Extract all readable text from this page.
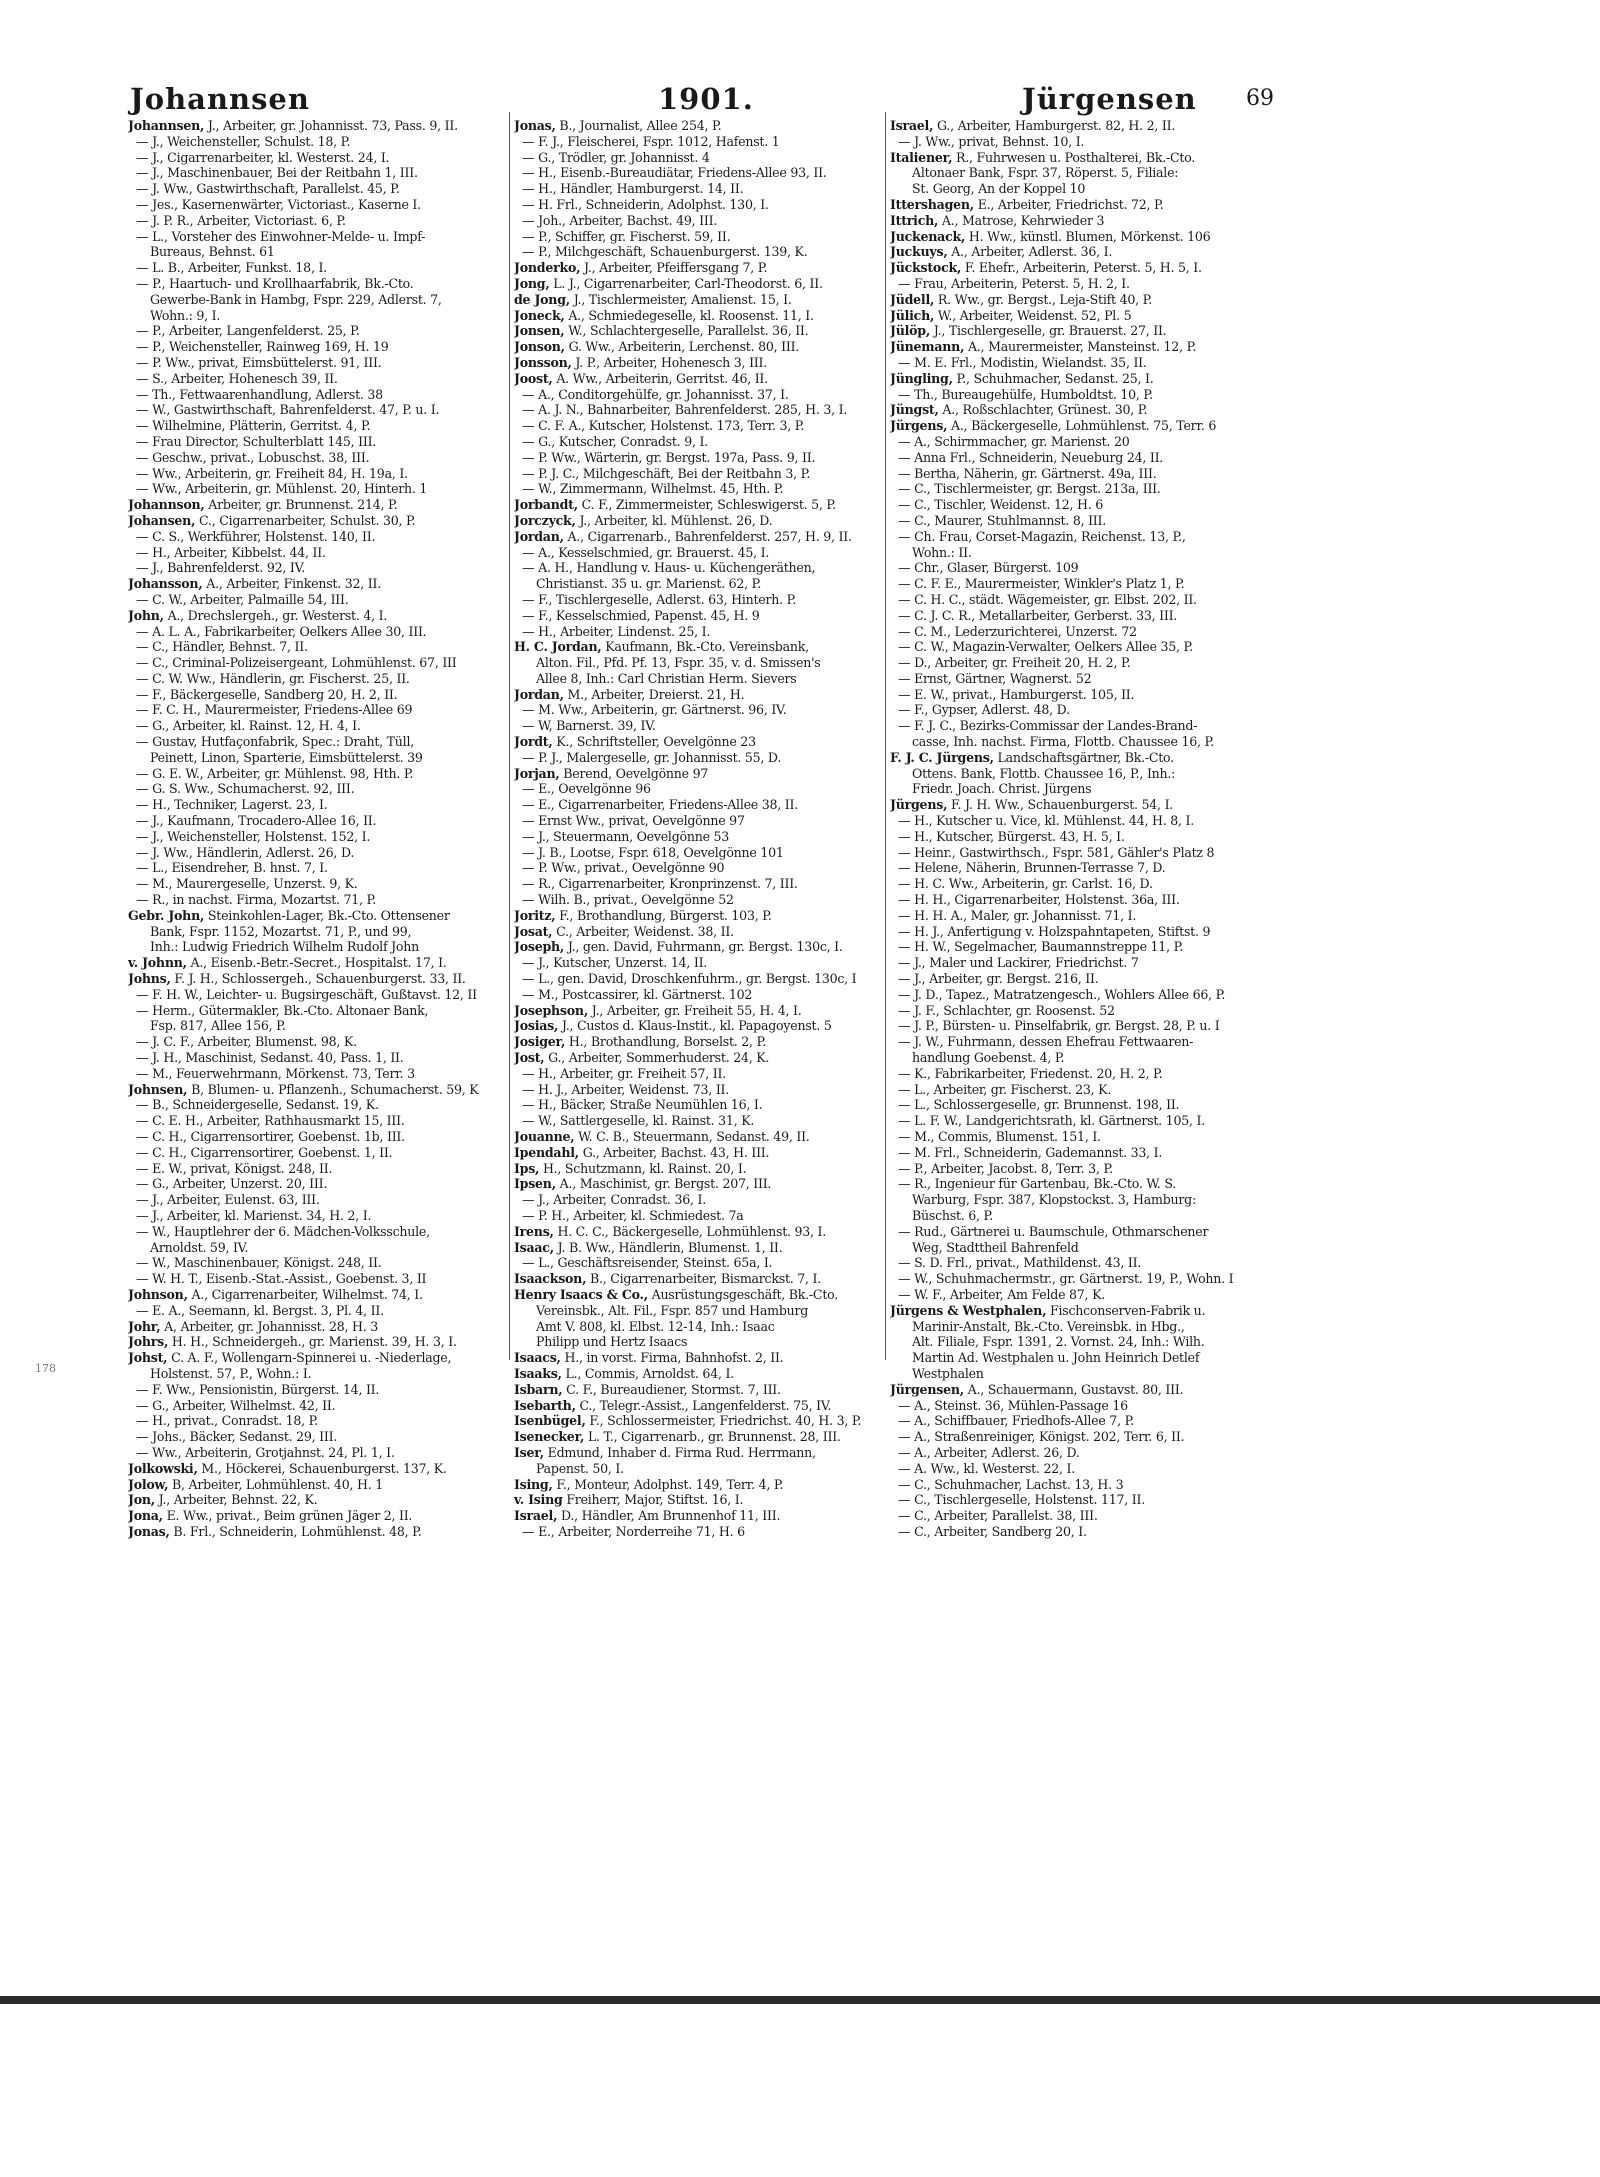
Johannsen	1901.	Jürgensen 69
Johannsen, J., Arbeiter, gr. Johannisst. 73, Pass. 9, II.
— J., Weichensteller, Schulst. 18, P.
— J., Cigarrenarbeiter, kl. Westerst. 24, I.
— J., Maschinenbauer, Bei der Reitbahn 1, III.
— J. Ww., Gastwirthschaft, Parallelst. 45, P.
— Jes., Kasernenwärter, Victoriast., Kaserne I.
— J. P. R., Arbeiter, Victoriast. 6, P.
— L., Vorsteher des Einwohner-Melde- u. Impf-
Bureaus, Behnst. 61
— L. B., Arbeiter, Funkst. 18, I.
— P., Haartuch- und Krollhaarfabrik, Bk.-Cto.
Gewerbe-Bank in Hambg, Fspr. 229, Adlerst. 7,
Wohn.: 9, I.
— P., Arbeiter, Langenfelderst. 25, P.
— P., Weichensteller, Rainweg 169, H. 19
— P. Ww., privat, Eimsbüttelerst. 91, III.
— S., Arbeiter, Hohenesch 39, II.
— Th., Fettwaarenhandlung, Adlerst. 38
— W., Gastwirthschaft, Bahrenfelderst. 47, P. u. I.
— Wilhelmine, Plätterin, Gerritst. 4, P.
— Frau Director, Schulterblatt 145, III.
— Geschw., privat., Lobuschst. 38, III.
— Ww., Arbeiterin, gr. Freiheit 84, H. 19a, I.
— Ww., Arbeiterin, gr. Mühlenst. 20, Hinterh. 1
Johannson, Arbeiter, gr. Brunnenst. 214, P.
Johansen, C., Cigarrenarbeiter, Schulst. 30, P.
— C. S., Werkführer, Holstenst. 140, II.
— H., Arbeiter, Kibbelst. 44, II.
— J., Bahrenfelderst. 92, IV.
Johansson, A., Arbeiter, Finkenst. 32, II.
— C. W., Arbeiter, Palmaille 54, III.
John, A., Drechslergeh., gr. Westerst. 4, I.
— A. L. A., Fabrikarbeiter, Oelkers Allee 30, III.
— C., Händler, Behnst. 7, II.
— C., Criminal-Polizeisergeant, Lohmühlenst. 67, III
— C. W. Ww., Händlerin, gr. Fischerst. 25, II.
— F., Bäckergeselle, Sandberg 20, H. 2, II.
— F. C. H., Maurermeister, Friedens-Allee 69
— G., Arbeiter, kl. Rainst. 12, H. 4, I.
— Gustav, Hutfaçonfabrik, Spec.: Draht, Tüll,
Peinett, Linon, Sparterie, Eimsbüttelerst. 39
— G. E. W., Arbeiter, gr. Mühlenst. 98, Hth. P.
— G. S. Ww., Schumacherst. 92, III.
— H., Techniker, Lagerst. 23, I.
— J., Kaufmann, Trocadero-Allee 16, II.
— J., Weichensteller, Holstenst. 152, I.
— J. Ww., Händlerin, Adlerst. 26, D.
— L., Eisendreher, B. hnst. 7, I.
— M., Maurergeselle, Unzerst. 9, K.
— R., in nachst. Firma, Mozartst. 71, P.
Gebr. John, Steinkohlen-Lager, Bk.-Cto. Ottensener
Bank, Fspr. 1152, Mozartst. 71, P., und 99,
Inh.: Ludwig Friedrich Wilhelm Rudolf John
v. Johnn, A., Eisenb.-Betr.-Secret., Hospitalst. 17, I.
Johns, F. J. H., Schlossergeh., Schauenburgerst. 33, II.
— F. H. W., Leichter- u. Bugsirgeschäft, Gußtavst. 12, II
— Herm., Gütermakler, Bk.-Cto. Altonaer Bank,
Fsp. 817, Allee 156, P.
— J. C. F., Arbeiter, Blumenst. 98, K.
— J. H., Maschinist, Sedanst. 40, Pass. 1, II.
— M., Feuerwehrmann, Mörkenst. 73, Terr. 3
Johnsen, B, Blumen- u. Pflanzenh., Schumacherst. 59, K
— B., Schneidergeselle, Sedanst. 19, K.
— C. E. H., Arbeiter, Rathhausmarkt 15, III.
— C. H., Cigarrensortirer, Goebenst. 1b, III.
— C. H., Cigarrensortirer, Goebenst. 1, II.
— E. W., privat, Königst. 248, II.
— G., Arbeiter, Unzerst. 20, III.
— J., Arbeiter, Eulenst. 63, III.
— J., Arbeiter, kl. Marienst. 34, H. 2, I.
— W., Hauptlehrer der 6. Mädchen-Volksschule,
Arnoldst. 59, IV.
— W., Maschinenbauer, Königst. 248, II.
— W. H. T., Eisenb.-Stat.-Assist., Goebenst. 3, II
Johnson, A., Cigarrenarbeiter, Wilhelmst. 74, I.
— E. A., Seemann, kl. Bergst. 3, Pl. 4, II.
Johr, A, Arbeiter, gr. Johannisst. 28, H. 3
Johrs, H. H., Schneidergeh., gr. Marienst. 39, H. 3, I.
Johst, C. A. F., Wollengarn-Spinnerei u. -Niederlage,
Holstenst. 57, P., Wohn.: I.
— F. Ww., Pensionistin, Bürgerst. 14, II.
— G., Arbeiter, Wilhelmst. 42, II.
— H., privat., Conradst. 18, P.
— Johs., Bäcker, Sedanst. 29, III.
— Ww., Arbeiterin, Grotjahnst. 24, Pl. 1, I.
Jolkowski, M., Höckerei, Schauenburgerst. 137, K.
Jolow, B, Arbeiter, Lohmühlenst. 40, H. 1
Jon, J., Arbeiter, Behnst. 22, K.
Jona, E. Ww., privat., Beim grünen Jäger 2, II.
Jonas, B. Frl., Schneiderin, Lohmühlenst. 48, P.
Jonas, B., Journalist, Allee 254, P.
— F. J., Fleischerei, Fspr. 1012, Hafenst. 1
— G., Trödler, gr. Johannisst. 4
— H., Eisenb.-Bureaudiätar, Friedens-Allee 93, II.
— H., Händler, Hamburgerst. 14, II.
— H. Frl., Schneiderin, Adolphst. 130, I.
— Joh., Arbeiter, Bachst. 49, III.
— P., Schiffer, gr. Fischerst. 59, II.
— P., Milchgeschäft, Schauenburgerst. 139, K.
Jonderko, J., Arbeiter, Pfeiffersgang 7, P.
Jong, L. J., Cigarrenarbeiter, Carl-Theodorst. 6, II.
de Jong, J., Tischlermeister, Amalienst. 15, I.
Joneck, A., Schmiedegeselle, kl. Roosenst. 11, I.
Jonsen, W., Schlachtergeselle, Parallelst. 36, II.
Jonson, G. Ww., Arbeiterin, Lerchenst. 80, III.
Jonsson, J. P., Arbeiter, Hohenesch 3, III.
Joost, A. Ww., Arbeiterin, Gerritst. 46, II.
— A., Conditorgehülfe, gr. Johannisst. 37, I.
— A. J. N., Bahnarbeiter, Bahrenfelderst. 285, H. 3, I.
— C. F. A., Kutscher, Holstenst. 173, Terr. 3, P.
— G., Kutscher, Conradst. 9, I.
— P. Ww., Wärterin, gr. Bergst. 197a, Pass. 9, II.
— P. J. C., Milchgeschäft, Bei der Reitbahn 3, P.
— W., Zimmermann, Wilhelmst. 45, Hth. P.
Jorbandt, C. F., Zimmermeister, Schleswigerst. 5, P.
Jorczyck, J., Arbeiter, kl. Mühlenst. 26, D.
Jordan, A., Cigarrenarb., Bahrenfelderst. 257, H. 9, II.
— A., Kesselschmied, gr. Brauerst. 45, I.
— A. H., Handlung v. Haus- u. Küchengeräthen,
Christianst. 35 u. gr. Marienst. 62, P.
— F., Tischlergeselle, Adlerst. 63, Hinterh. P.
— F., Kesselschmied, Papenst. 45, H. 9
— H., Arbeiter, Lindenst. 25, I.
H. C. Jordan, Kaufmann, Bk.-Cto. Vereinsbank,
Alton. Fil., Pfd. Pf. 13, Fspr. 35, v. d. Smissen's
Allee 8, Inh.: Carl Christian Herm. Sievers
Jordan, M., Arbeiter, Dreierst. 21, H.
— M. Ww., Arbeiterin, gr. Gärtnerst. 96, IV.
— W, Barnerst. 39, IV.
Jordt, K., Schriftsteller, Oevelgönne 23
— P. J., Malergeselle, gr. Johannisst. 55, D.
Jorjan, Berend, Oevelgönne 97
— E., Oevelgönne 96
— E., Cigarrenarbeiter, Friedens-Allee 38, II.
— Ernst Ww., privat, Oevelgönne 97
— J., Steuermann, Oevelgönne 53
— J. B., Lootse, Fspr. 618, Oevelgönne 101
— P. Ww., privat., Oevelgönne 90
— R., Cigarrenarbeiter, Kronprinzenst. 7, III.
— Wilh. B., privat., Oevelgönne 52
Joritz, F., Brothandlung, Bürgerst. 103, P.
Josat, C., Arbeiter, Weidenst. 38, II.
Joseph, J., gen. David, Fuhrmann, gr. Bergst. 130c, I.
— J., Kutscher, Unzerst. 14, II.
— L., gen. David, Droschkenfuhrm., gr. Bergst. 130c, I
— M., Postcassirer, kl. Gärtnerst. 102
Josephson, J., Arbeiter, gr. Freiheit 55, H. 4, I.
Josias, J., Custos d. Klaus-Instit., kl. Papagoyenst. 5
Josiger, H., Brothandlung, Borselst. 2, P.
Jost, G., Arbeiter, Sommerhuderst. 24, K.
— H., Arbeiter, gr. Freiheit 57, II.
— H. J., Arbeiter, Weidenst. 73, II.
— H., Bäcker, Straße Neumühlen 16, I.
— W., Sattlergeselle, kl. Rainst. 31, K.
Jouanne, W. C. B., Steuermann, Sedanst. 49, II.
Ipendahl, G., Arbeiter, Bachst. 43, H. III.
Ips, H., Schutzmann, kl. Rainst. 20, I.
Ipsen, A., Maschinist, gr. Bergst. 207, III.
— J., Arbeiter, Conradst. 36, I.
— P. H., Arbeiter, kl. Schmiedest. 7a
Irens, H. C. C., Bäckergeselle, Lohmühlenst. 93, I.
Isaac, J. B. Ww., Händlerin, Blumenst. 1, II.
— L., Geschäftsreisender, Steinst. 65a, I.
Isaackson, B., Cigarrenarbeiter, Bismarckst. 7, I.
Henry Isaacs & Co., Ausrüstungsgeschäft, Bk.-Cto.
Vereinsbk., Alt. Fil., Fspr. 857 und Hamburg
Amt V. 808, kl. Elbst. 12-14, Inh.: Isaac
Philipp und Hertz Isaacs
Isaacs, H., in vorst. Firma, Bahnhofst. 2, II.
Isaaks, L., Commis, Arnoldst. 64, I.
Isbarn, C. F., Bureaudiener, Stormst. 7, III.
Isebarth, C., Telegr.-Assist., Langenfelderst. 75, IV.
Isenbügel, F., Schlossermeister, Friedrichst. 40, H. 3, P.
Isenecker, L. T., Cigarrenarb., gr. Brunnenst. 28, III.
Iser, Edmund, Inhaber d. Firma Rud. Herrmann,
Papenst. 50, I.
Ising, F., Monteur, Adolphst. 149, Terr. 4, P.
v. Ising Freiherr, Major, Stiftst. 16, I.
Israel, D., Händler, Am Brunnenhof 11, III.
— E., Arbeiter, Norderreihe 71, H. 6
Israel, G., Arbeiter, Hamburgerst. 82, H. 2, II.
— J. Ww., privat, Behnst. 10, I.
Italiener, R., Fuhrwesen u. Posthalterei, Bk.-Cto.
Altonaer Bank, Fspr. 37, Röperst. 5, Filiale:
St. Georg, An der Koppel 10
Ittershagen, E., Arbeiter, Friedrichst. 72, P.
Ittrich, A., Matrose, Kehrwieder 3
Juckenack, H. Ww., künstl. Blumen, Mörkenst. 106
Juckuys, A., Arbeiter, Adlerst. 36, I.
Jückstock, F. Ehefr., Arbeiterin, Peterst. 5, H. 5, I.
— Frau, Arbeiterin, Peterst. 5, H. 2, I.
Jüdell, R. Ww., gr. Bergst., Leja-Stift 40, P.
Jülich, W., Arbeiter, Weidenst. 52, Pl. 5
Jülöp, J., Tischlergeselle, gr. Brauerst. 27, II.
Jünemann, A., Maurermeister, Mansteinst. 12, P.
— M. E. Frl., Modistin, Wielandst. 35, II.
Jüngling, P., Schuhmacher, Sedanst. 25, I.
— Th., Bureaugehülfe, Humboldtst. 10, P.
Jüngst, A., Roßschlachter, Grünest. 30, P.
Jürgens, A., Bäckergeselle, Lohmühlenst. 75, Terr. 6
— A., Schirmmacher, gr. Marienst. 20
— Anna Frl., Schneiderin, Neueburg 24, II.
— Bertha, Näherin, gr. Gärtnerst. 49a, III.
— C., Tischlermeister, gr. Bergst. 213a, III.
— C., Tischler, Weidenst. 12, H. 6
— C., Maurer, Stuhlmannst. 8, III.
— Ch. Frau, Corset-Magazin, Reichenst. 13, P.,
Wohn.: II.
— Chr., Glaser, Bürgerst. 109
— C. F. E., Maurermeister, Winkler's Platz 1, P.
— C. H. C., städt. Wägemeister, gr. Elbst. 202, II.
— C. J. C. R., Metallarbeiter, Gerberst. 33, III.
— C. M., Lederzurichterei, Unzerst. 72
— C. W., Magazin-Verwalter, Oelkers Allee 35, P.
— D., Arbeiter, gr. Freiheit 20, H. 2, P.
— Ernst, Gärtner, Wagnerst. 52
— E. W., privat., Hamburgerst. 105, II.
— F., Gypser, Adlerst. 48, D.
— F. J. C., Bezirks-Commissar der Landes-Brand-
casse, Inh. nachst. Firma, Flottb. Chaussee 16, P.
F. J. C. Jürgens, Landschaftsgärtner, Bk.-Cto.
Ottens. Bank, Flottb. Chaussee 16, P., Inh.:
Friedr. Joach. Christ. Jürgens
Jürgens, F. J. H. Ww., Schauenburgerst. 54, I.
— H., Kutscher u. Vice, kl. Mühlenst. 44, H. 8, I.
— H., Kutscher, Bürgerst. 43, H. 5, I.
— Heinr., Gastwirthsch., Fspr. 581, Gähler's Platz 8
— Helene, Näherin, Brunnen-Terrasse 7, D.
— H. C. Ww., Arbeiterin, gr. Carlst. 16, D.
— H. H., Cigarrenarbeiter, Holstenst. 36a, III.
— H. H. A., Maler, gr. Johannisst. 71, I.
— H. J., Anfertigung v. Holzspahntapeten, Stiftst. 9
— H. W., Segelmacher, Baumannstreppe 11, P.
— J., Maler und Lackirer, Friedrichst. 7
— J., Arbeiter, gr. Bergst. 216, II.
— J. D., Tapez., Matratzengesch., Wohlers Allee 66, P.
— J. F., Schlachter, gr. Roosenst. 52
— J. P., Bürsten- u. Pinselfabrik, gr. Bergst. 28, P. u. I
— J. W., Fuhrmann, dessen Ehefrau Fettwaaren-
handlung Goebenst. 4, P.
— K., Fabrikarbeiter, Friedenst. 20, H. 2, P.
— L., Arbeiter, gr. Fischerst. 23, K.
— L., Schlossergeselle, gr. Brunnenst. 198, II.
— L. F. W., Landgerichtsrath, kl. Gärtnerst. 105, I.
— M., Commis, Blumenst. 151, I.
— M. Frl., Schneiderin, Gademannst. 33, I.
— P., Arbeiter, Jacobst. 8, Terr. 3, P.
— R., Ingenieur für Gartenbau, Bk.-Cto. W. S.
Warburg, Fspr. 387, Klopstockst. 3, Hamburg:
Büschst. 6, P.
— Rud., Gärtnerei u. Baumschule, Othmarschener
Weg, Stadttheil Bahrenfeld
— S. D. Frl., privat., Mathildenst. 43, II.
— W., Schuhmachermstr., gr. Gärtnerst. 19, P., Wohn. I
— W. F., Arbeiter, Am Felde 87, K.
Jürgens & Westphalen, Fischconserven-Fabrik u.
Marinir-Anstalt, Bk.-Cto. Vereinsbk. in Hbg.,
Alt. Filiale, Fspr. 1391, 2. Vornst. 24, Inh.: Wilh.
Martin Ad. Westphalen u. John Heinrich Detlef
Westphalen
Jürgensen, A., Schauermann, Gustavst. 80, III.
— A., Steinst. 36, Mühlen-Passage 16
— A., Schiffbauer, Friedhofs-Allee 7, P.
— A., Straßenreiniger, Königst. 202, Terr. 6, II.
— A., Arbeiter, Adlerst. 26, D.
— A. Ww., kl. Westerst. 22, I.
— C., Schuhmacher, Lachst. 13, H. 3
— C., Tischlergeselle, Holstenst. 117, II.
— C., Arbeiter, Parallelst. 38, III.
— C., Arbeiter, Sandberg 20, I.
178
